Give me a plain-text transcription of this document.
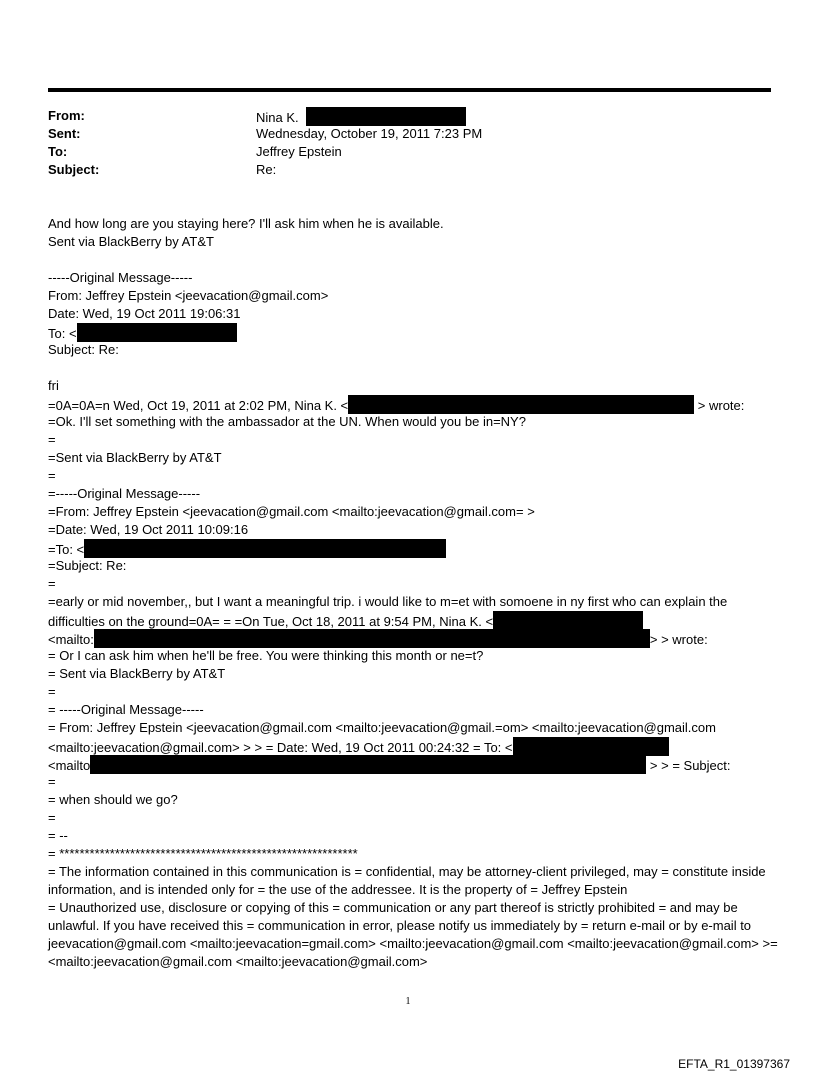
From:	Nina K.
Sent:	Wednesday, October 19, 2011 7:23 PM
To:	Jeffrey Epstein
Subject:	Re:
And how long are you staying here? I'll ask him when he is available.
Sent via BlackBerry by AT&T
-----Original Message-----
From: Jeffrey Epstein <jeevacation@gmail.com>
Date: Wed, 19 Oct 2011 19:06:31
To: <
Subject: Re:
fri
=0A=0A=n Wed, Oct 19, 2011 at 2:02 PM, Nina K. <	> wrote:
=Ok. I'll set something with the ambassador at the UN. When would you be in=NY?
=
=Sent via BlackBerry by AT&T
=
=-----Original Message-----
=From: Jeffrey Epstein <jeevacation@gmail.com <mailto:jeevacation@gmail.com= >
=Date: Wed, 19 Oct 2011 10:09:16
=To: <
=Subject: Re:
=
=early or mid november,, but I want a meaningful trip. i would like to m=et with somoene in ny first who can explain the
difficulties on the ground=0A= = =On Tue, Oct 18, 2011 at 9:54 PM, Nina K. <
<mailto:	> > wrote:
= Or I can ask him when he'll be free. You were thinking this month or ne=t?
= Sent via BlackBerry by AT&T
=
= -----Original Message-----
= From: Jeffrey Epstein <jeevacation@gmail.com <mailto:jeevacation@gmail.=om> <mailto:jeevacation@gmail.com
<mailto:jeevacation@gmail.com> > > = Date: Wed, 19 Oct 2011 00:24:32 = To: <
<mailto	> > = Subject:
=
= when should we go?
=
= --
= ***********************************************************
= The information contained in this communication is = confidential, may be attorney-client privileged, may = constitute inside information, and is intended only for = the use of the addressee. It is the property of = Jeffrey Epstein
= Unauthorized use, disclosure or copying of this = communication or any part thereof is strictly prohibited = and may be unlawful. If you have received this = communication in error, please notify us immediately by = return e-mail or by e-mail to jeevacation@gmail.com <mailto:jeevacation=gmail.com> <mailto:jeevacation@gmail.com <mailto:jeevacation@gmail.com> >= <mailto:jeevacation@gmail.com <mailto:jeevacation@gmail.com>
1
EFTA_R1_01397367
